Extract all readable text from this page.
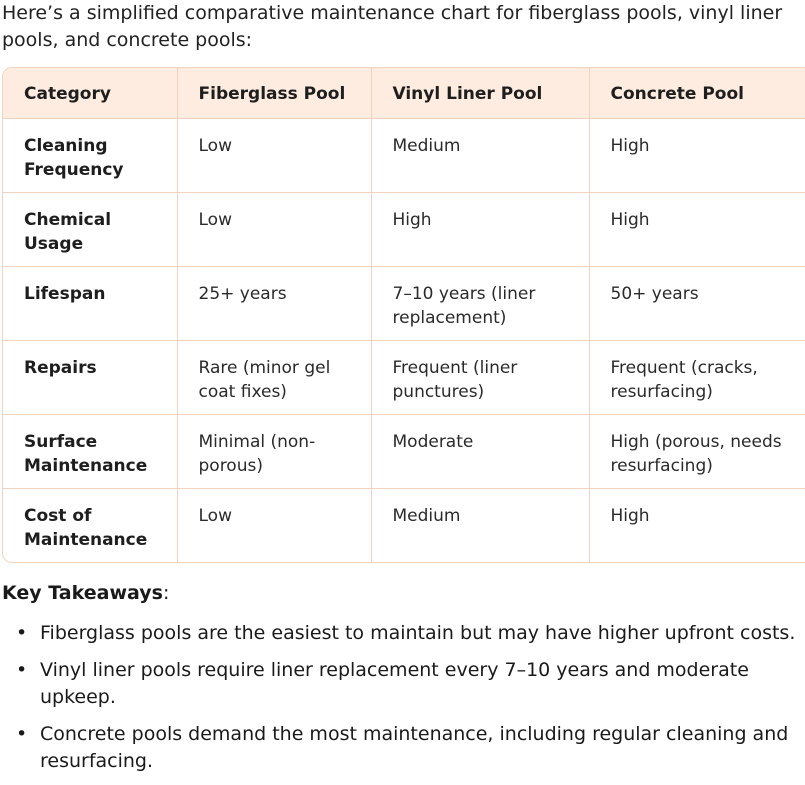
Here’s a simplified comparative maintenance chart for fiberglass pools, vinyl liner pools, and concrete pools:

Category	Fiberglass Pool	Vinyl Liner Pool	Concrete Pool
Cleaning Frequency	Low	Medium	High
Chemical Usage	Low	High	High
Lifespan	25+ years	7–10 years (liner replacement)	50+ years
Repairs	Rare (minor gel coat fixes)	Frequent (liner punctures)	Frequent (cracks, resurfacing)
Surface Maintenance	Minimal (non-porous)	Moderate	High (porous, needs resurfacing)
Cost of Maintenance	Low	Medium	High

Key Takeaways:

• Fiberglass pools are the easiest to maintain but may have higher upfront costs.
• Vinyl liner pools require liner replacement every 7–10 years and moderate upkeep.
• Concrete pools demand the most maintenance, including regular cleaning and resurfacing.
